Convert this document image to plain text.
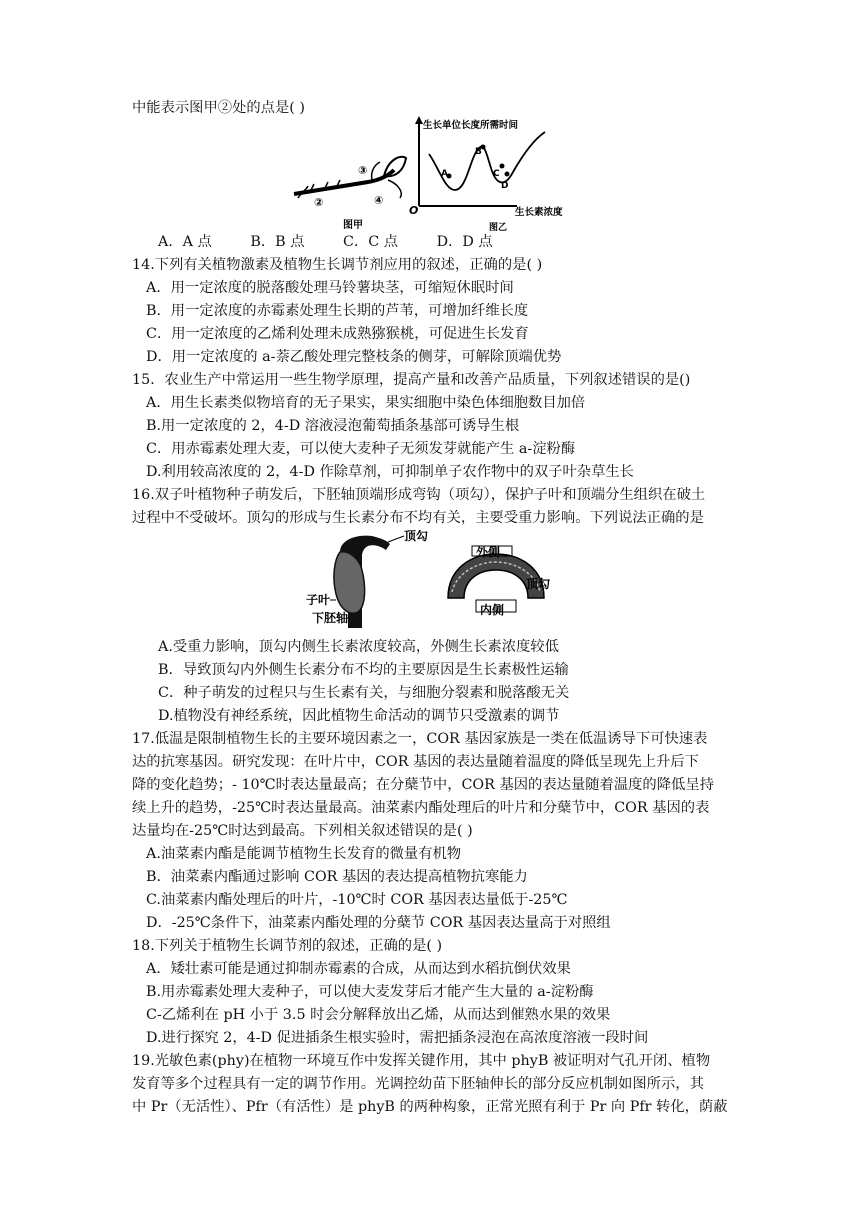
中能表示图甲②处的点是( )
③
②	④
图甲
生长单位长度所需时间
O	生长素浓度
图乙
A
B
C
D
A．A 点	B．B 点	C．C 点	D．D 点
14.下列有关植物激素及植物生长调节剂应用的叙述，正确的是( )
A．用一定浓度的脱落酸处理马铃薯块茎，可缩短休眠时间
B．用一定浓度的赤霉素处理生长期的芦苇，可增加纤维长度
C．用一定浓度的乙烯利处理未成熟猕猴桃，可促进生长发育
D．用一定浓度的 a-萘乙酸处理完整枝条的侧芽，可解除顶端优势
15．农业生产中常运用一些生物学原理，提高产量和改善产品质量，下列叙述错误的是()
A．用生长素类似物培育的无子果实，果实细胞中染色体细胞数目加倍
B.用一定浓度的 2，4-D 溶液浸泡葡萄插条基部可诱导生根
C．用赤霉素处理大麦，可以使大麦种子无须发芽就能产生 a-淀粉酶
D.利用较高浓度的 2，4-D 作除草剂，可抑制单子农作物中的双子叶杂草生长
16.双子叶植物种子萌发后，下胚轴顶端形成弯钩（项勾），保护子叶和顶端分生组织在破土
过程中不受破坏。顶勾的形成与生长素分布不均有关，主要受重力影响。下列说法正确的是
顶勾
子叶
下胚轴
外侧
内侧
顶勾
A.受重力影响，顶勾内侧生长素浓度较高，外侧生长素浓度较低
B．导致顶勾内外侧生长素分布不均的主要原因是生长素极性运输
C．种子萌发的过程只与生长素有关，与细胞分裂素和脱落酸无关
D.植物没有神经系统，因此植物生命活动的调节只受激素的调节
17.低温是限制植物生长的主要环境因素之一，COR 基因家族是一类在低温诱导下可快速表
达的抗寒基因。研究发现：在叶片中，COR 基因的表达量随着温度的降低呈现先上升后下
降的变化趋势；- 10℃时表达量最高；在分蘖节中，COR 基因的表达量随着温度的降低呈持
续上升的趋势，-25℃时表达量最高。油菜素内酯处理后的叶片和分蘖节中，COR 基因的表
达量均在-25℃时达到最高。下列相关叙述错误的是( )
A.油菜素内酯是能调节植物生长发育的微量有机物
B．油菜素内酯通过影响 COR 基因的表达提高植物抗寒能力
C.油菜素内酯处理后的叶片，-10℃时 COR 基因表达量低于-25℃
D．-25℃条件下，油菜素内酯处理的分蘖节 COR 基因表达量高于对照组
18.下列关于植物生长调节剂的叙述，正确的是( )
A．矮壮素可能是通过抑制赤霉素的合成，从而达到水稻抗倒伏效果
B.用赤霉素处理大麦种子，可以使大麦发芽后才能产生大量的 a-淀粉酶
C-乙烯利在 pH 小于 3.5 时会分解释放出乙烯，从而达到催熟水果的效果
D.进行探究 2，4-D 促进插条生根实验时，需把插条浸泡在高浓度溶液一段时间
19.光敏色素(phy)在植物一环境互作中发挥关键作用，其中 phyB 被证明对气孔开闭、植物
发育等多个过程具有一定的调节作用。光调控幼苗下胚轴伸长的部分反应机制如图所示，其
中 Pr（无活性）、Pfr（有活性）是 phyB 的两种构象，正常光照有利于 Pr 向 Pfr 转化，荫蔽
